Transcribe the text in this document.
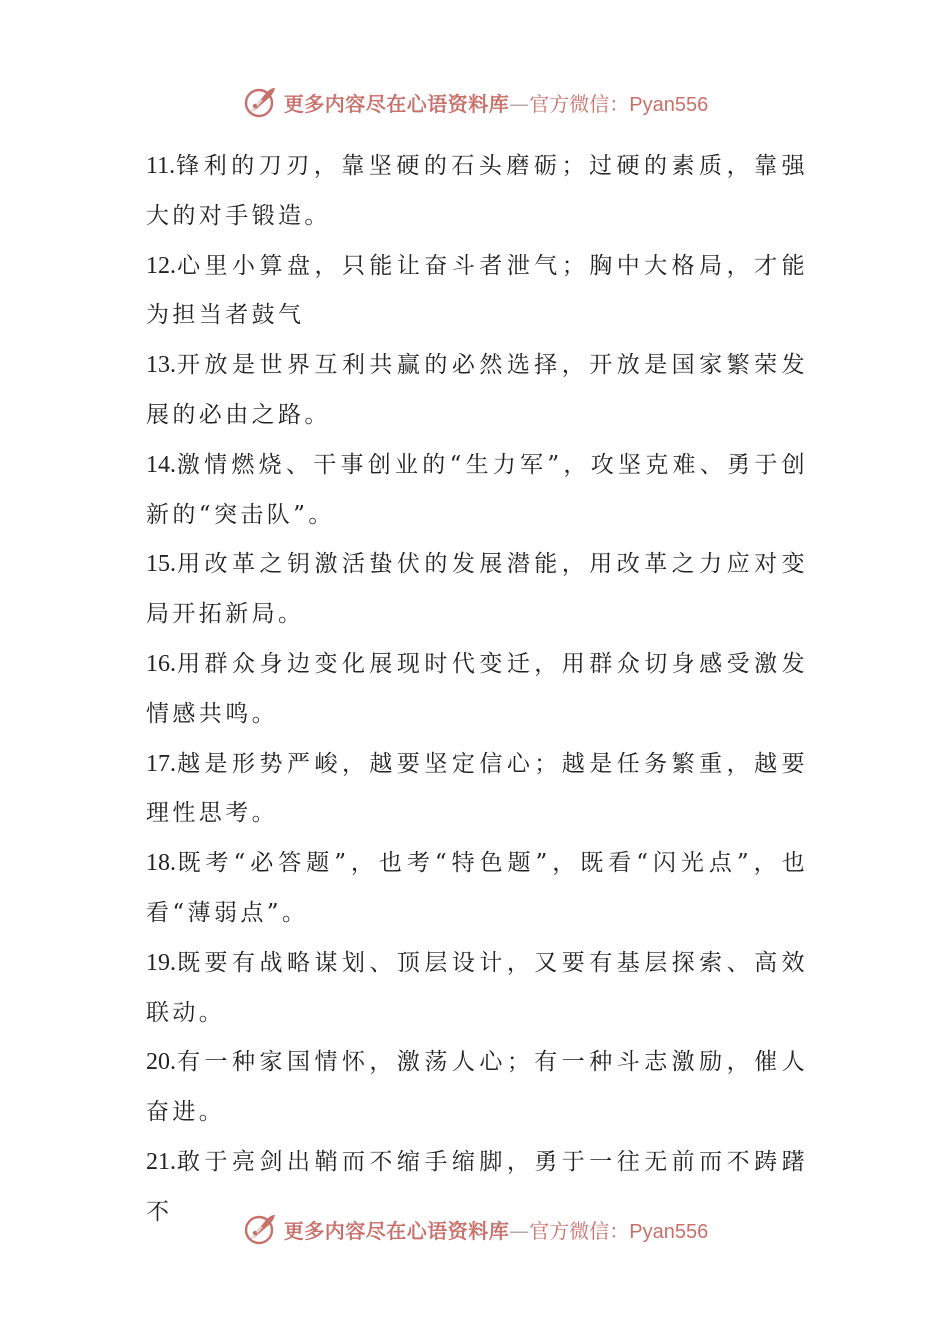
更多内容尽在心语资料库 — 官方微信： Pyan556

11.锋利的刀刃，靠坚硬的石头磨砺；过硬的素质，靠强大的对手锻造。

12.心里小算盘，只能让奋斗者泄气；胸中大格局，才能为担当者鼓气

13.开放是世界互利共赢的必然选择，开放是国家繁荣发展的必由之路。

14.激情燃烧、干事创业的“生力军”，攻坚克难、勇于创新的“突击队”。

15.用改革之钥激活蛰伏的发展潜能，用改革之力应对变局开拓新局。

16.用群众身边变化展现时代变迁，用群众切身感受激发情感共鸣。

17.越是形势严峻，越要坚定信心；越是任务繁重，越要理性思考。

18.既考“必答题”，也考“特色题”，既看“闪光点”，也看“薄弱点”。

19.既要有战略谋划、顶层设计，又要有基层探索、高效联动。

20.有一种家国情怀，激荡人心；有一种斗志激励，催人奋进。

21.敢于亮剑出鞘而不缩手缩脚，勇于一往无前而不踌躇不

更多内容尽在心语资料库 — 官方微信： Pyan556
